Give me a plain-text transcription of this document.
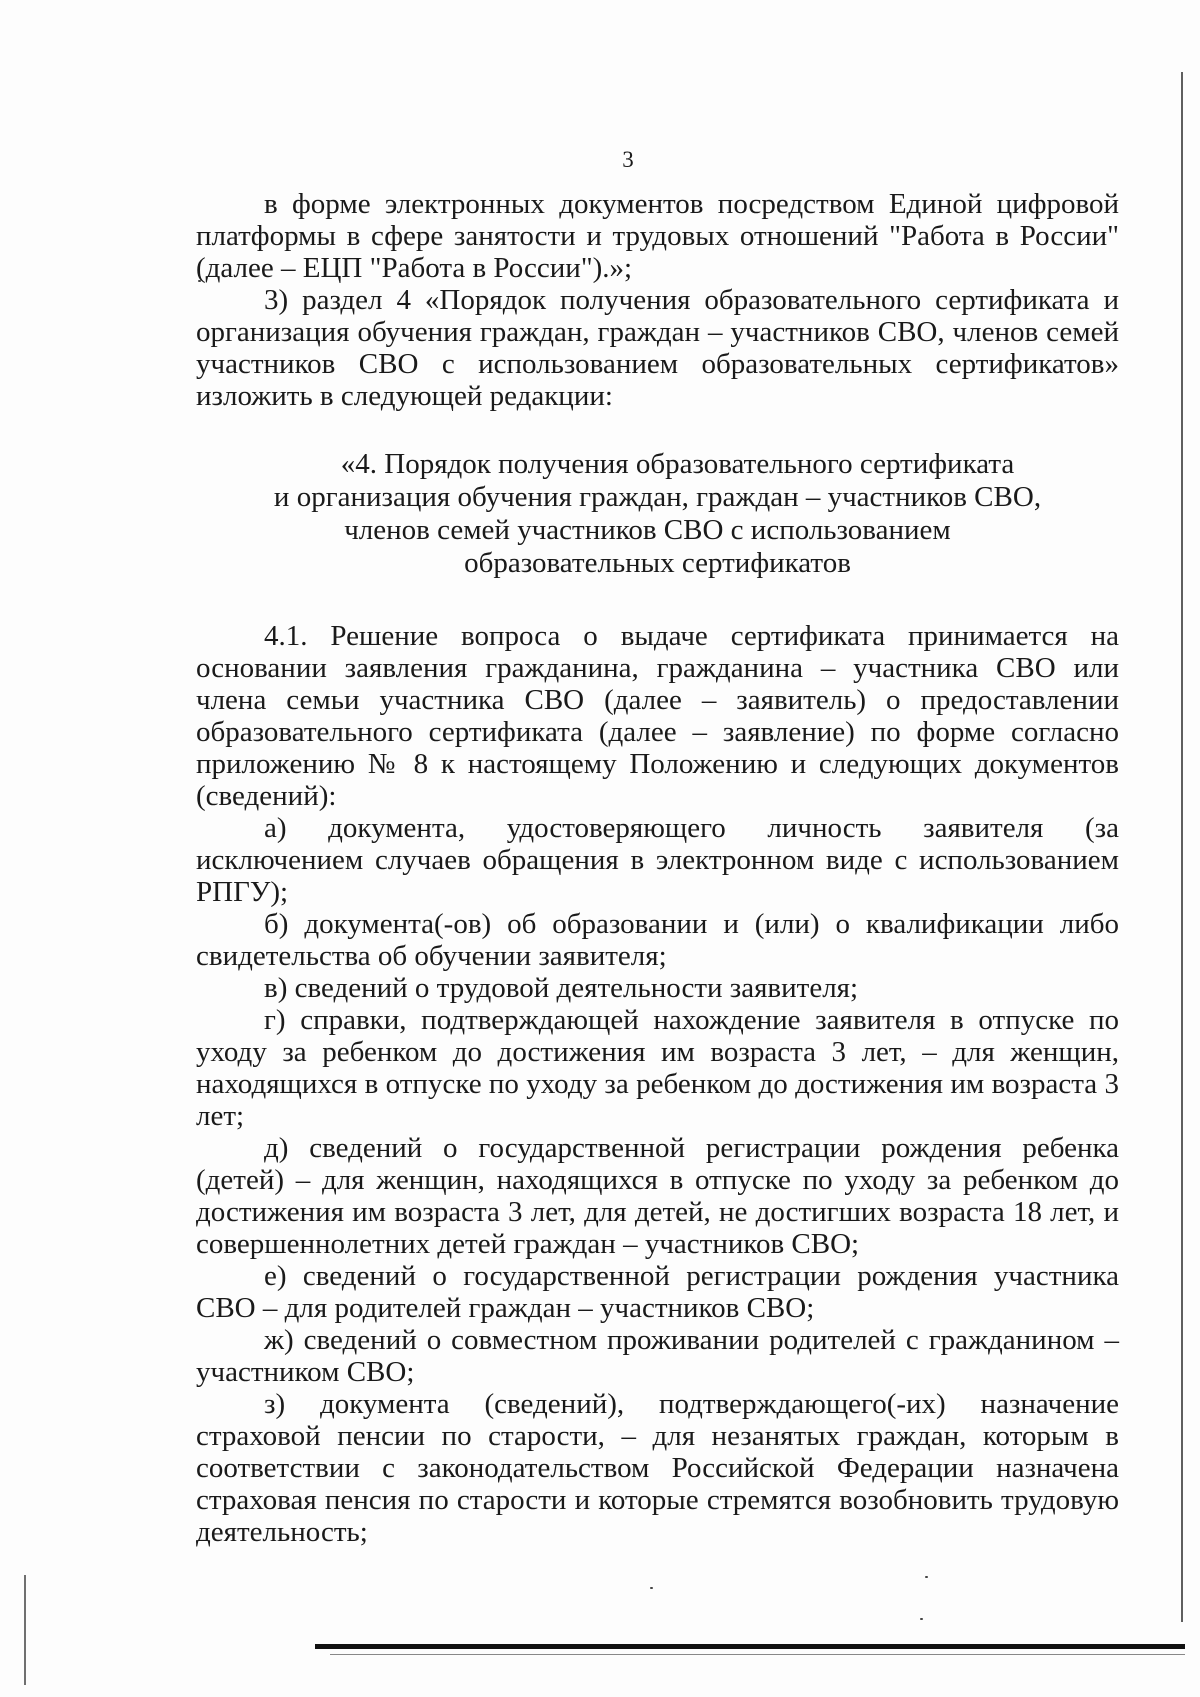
3

в форме электронных документов посредством Единой цифровой платформы в сфере занятости и трудовых отношений "Работа в России" (далее – ЕЦП "Работа в России").»;

3) раздел 4 «Порядок получения образовательного сертификата и организация обучения граждан, граждан – участников СВО, членов семей участников СВО с использованием образовательных сертификатов» изложить в следующей редакции:

«4. Порядок получения образовательного сертификата
и организация обучения граждан, граждан – участников СВО,
членов семей участников СВО с использованием
образовательных сертификатов

4.1. Решение вопроса о выдаче сертификата принимается на основании заявления гражданина, гражданина – участника СВО или члена семьи участника СВО (далее – заявитель) о предоставлении образовательного сертификата (далее – заявление) по форме согласно приложению № 8 к настоящему Положению и следующих документов (сведений):

а) документа, удостоверяющего личность заявителя (за исключением случаев обращения в электронном виде с использованием РПГУ);

б) документа(-ов) об образовании и (или) о квалификации либо свидетельства об обучении заявителя;

в) сведений о трудовой деятельности заявителя;

г) справки, подтверждающей нахождение заявителя в отпуске по уходу за ребенком до достижения им возраста 3 лет, – для женщин, находящихся в отпуске по уходу за ребенком до достижения им возраста 3 лет;

д) сведений о государственной регистрации рождения ребенка (детей) – для женщин, находящихся в отпуске по уходу за ребенком до достижения им возраста 3 лет, для детей, не достигших возраста 18 лет, и совершеннолетних детей граждан – участников СВО;

е) сведений о государственной регистрации рождения участника СВО – для родителей граждан – участников СВО;

ж) сведений о совместном проживании родителей с гражданином – участником СВО;

з) документа (сведений), подтверждающего(-их) назначение страховой пенсии по старости, – для незанятых граждан, которым в соответствии с законодательством Российской Федерации назначена страховая пенсия по старости и которые стремятся возобновить трудовую деятельность;
